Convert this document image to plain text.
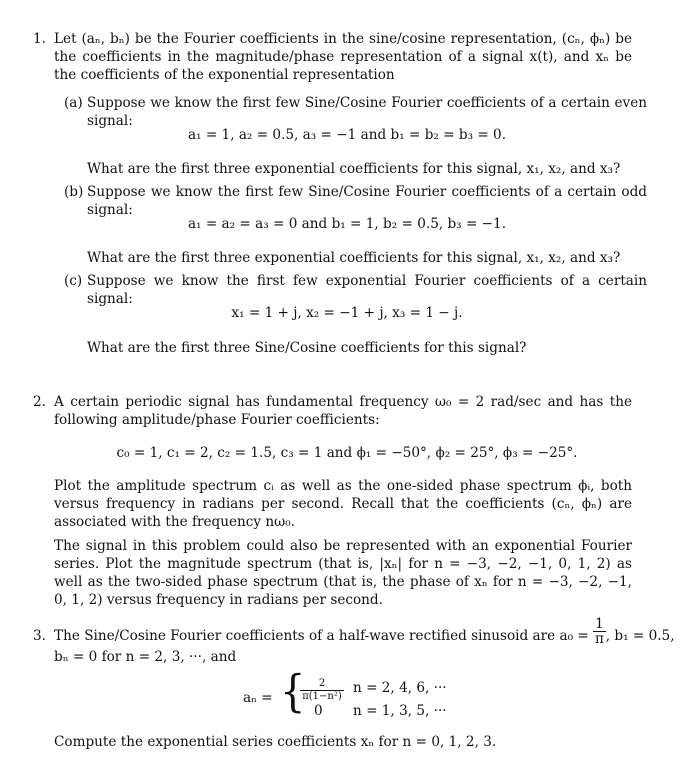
1. Let (aₙ, bₙ) be the Fourier coefficients in the sine/cosine representation, (cₙ, ϕₙ) be the coefficients in the magnitude/phase representation of a signal x(t), and xₙ be the coefficients of the exponential representation
(a) Suppose we know the first few Sine/Cosine Fourier coefficients of a certain even signal:
a₁ = 1, a₂ = 0.5, a₃ = −1 and b₁ = b₂ = b₃ = 0.
What are the first three exponential coefficients for this signal, x₁, x₂, and x₃?
(b) Suppose we know the first few Sine/Cosine Fourier coefficients of a certain odd signal:
a₁ = a₂ = a₃ = 0 and b₁ = 1, b₂ = 0.5, b₃ = −1.
What are the first three exponential coefficients for this signal, x₁, x₂, and x₃?
(c) Suppose we know the first few exponential Fourier coefficients of a certain signal:
x₁ = 1 + j, x₂ = −1 + j, x₃ = 1 − j.
What are the first three Sine/Cosine coefficients for this signal?
2. A certain periodic signal has fundamental frequency ω₀ = 2 rad/sec and has the following amplitude/phase Fourier coefficients:
c₀ = 1, c₁ = 2, c₂ = 1.5, c₃ = 1 and ϕ₁ = −50°, ϕ₂ = 25°, ϕ₃ = −25°.
Plot the amplitude spectrum cᵢ as well as the one-sided phase spectrum ϕᵢ, both versus frequency in radians per second. Recall that the coefficients (cₙ, ϕₙ) are associated with the frequency nω₀.
The signal in this problem could also be represented with an exponential Fourier series. Plot the magnitude spectrum (that is, |xₙ| for n = −3, −2, −1, 0, 1, 2) as well as the two-sided phase spectrum (that is, the phase of xₙ for n = −3, −2, −1, 0, 1, 2) versus frequency in radians per second.
3. The Sine/Cosine Fourier coefficients of a half-wave rectified sinusoid are $a_0 = \frac{1}{\pi}$ , b₁ = 0.5,
bₙ = 0 for n = 2, 3, ···, and
aₙ = {
$\frac{2}{\text{π(1−n²)}}$ n = 2, 4, 6, ···
0 n = 1, 3, 5, ···
Compute the exponential series coefficients xₙ for n = 0, 1, 2, 3.
